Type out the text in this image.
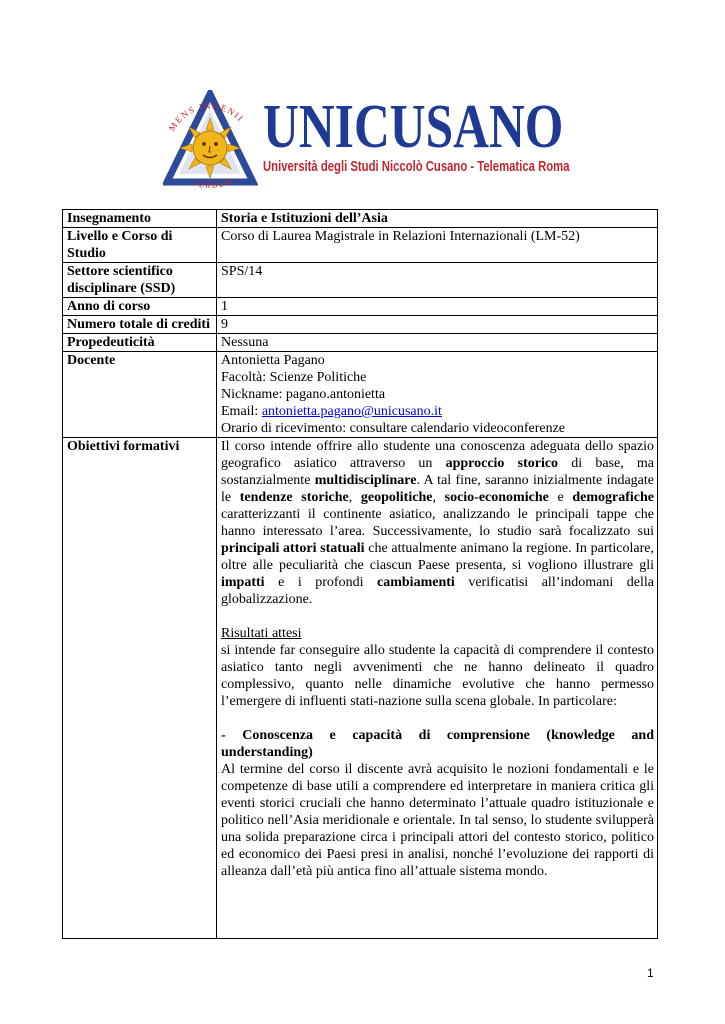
MENS INGENII
VERBUM
UNICUSANO
Università degli Studi Niccolò Cusano - Telematica Roma
Insegnamento	Storia e Istituzioni dell’Asia
Livello e Corso di Studio	Corso di Laurea Magistrale in Relazioni Internazionali (LM-52)
Settore scientifico disciplinare (SSD)	SPS/14
Anno di corso	1
Numero totale di crediti	9
Propedeuticità	Nessuna
Docente	Antonietta Pagano
Facoltà: Scienze Politiche
Nickname: pagano.antonietta
Email: antonietta.pagano@unicusano.it
Orario di ricevimento: consultare calendario videoconferenze

Obiettivi formativi	Il corso intende offrire allo studente una conoscenza adeguata dello spazio geografico asiatico attraverso un approccio storico di base, ma sostanzialmente multidisciplinare. A tal fine, saranno inizialmente indagate le tendenze storiche, geopolitiche, socio-economiche e demografiche caratterizzanti il continente asiatico, analizzando le principali tappe che hanno interessato l’area. Successivamente, lo studio sarà focalizzato sui principali attori statuali che attualmente animano la regione. In particolare, oltre alle peculiarità che ciascun Paese presenta, si vogliono illustrare gli impatti e i profondi cambiamenti verificatisi all’indomani della globalizzazione.
Risultati attesi
si intende far conseguire allo studente la capacità di comprendere il contesto asiatico tanto negli avvenimenti che ne hanno delineato il quadro complessivo, quanto nelle dinamiche evolutive che hanno permesso l’emergere di influenti stati-nazione sulla scena globale. In particolare:
- Conoscenza e capacità di comprensione (knowledge and understanding)
Al termine del corso il discente avrà acquisito le nozioni fondamentali e le competenze di base utili a comprendere ed interpretare in maniera critica gli eventi storici cruciali che hanno determinato l’attuale quadro istituzionale e politico nell’Asia meridionale e orientale. In tal senso, lo studente svilupperà una solida preparazione circa i principali attori del contesto storico, politico ed economico dei Paesi presi in analisi, nonché l’evoluzione dei rapporti di alleanza dall’età più antica fino all’attuale sistema mondo.
1
